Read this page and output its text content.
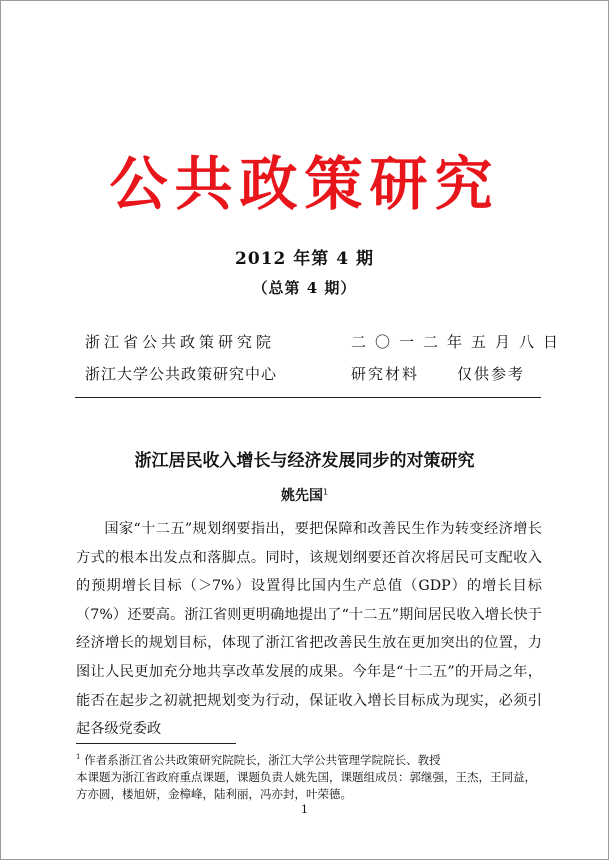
公共政策研究
2012 年第 4 期
（总第 4 期）
浙江省公共政策研究院
浙江大学公共政策研究中心
二〇一二年五月八日
研究材料	仅供参考
浙江居民收入增长与经济发展同步的对策研究
姚先国$^1$

国家“十二五”规划纲要指出，要把保障和改善民生作为转变经济增长方式的根本出发点和落脚点。同时，该规划纲要还首次将居民可支配收入的预期增长目标（＞7%）设置得比国内生产总值（GDP）的增长目标（7%）还要高。浙江省则更明确地提出了“十二五”期间居民收入增长快于经济增长的规划目标，体现了浙江省把改善民生放在更加突出的位置，力图让人民更加充分地共享改革发展的成果。今年是“十二五”的开局之年，能否在起步之初就把规划变为行动，保证收入增长目标成为现实，必须引起各级党委政

$^1$ 作者系浙江省公共政策研究院院长，浙江大学公共管理学院院长、教授

本课题为浙江省政府重点课题，课题负责人姚先国，课题组成员：郭继强，王杰，王同益，方亦圆，楼旭妍，金樟峰，陆利丽，冯亦封，叶荣德。

1
